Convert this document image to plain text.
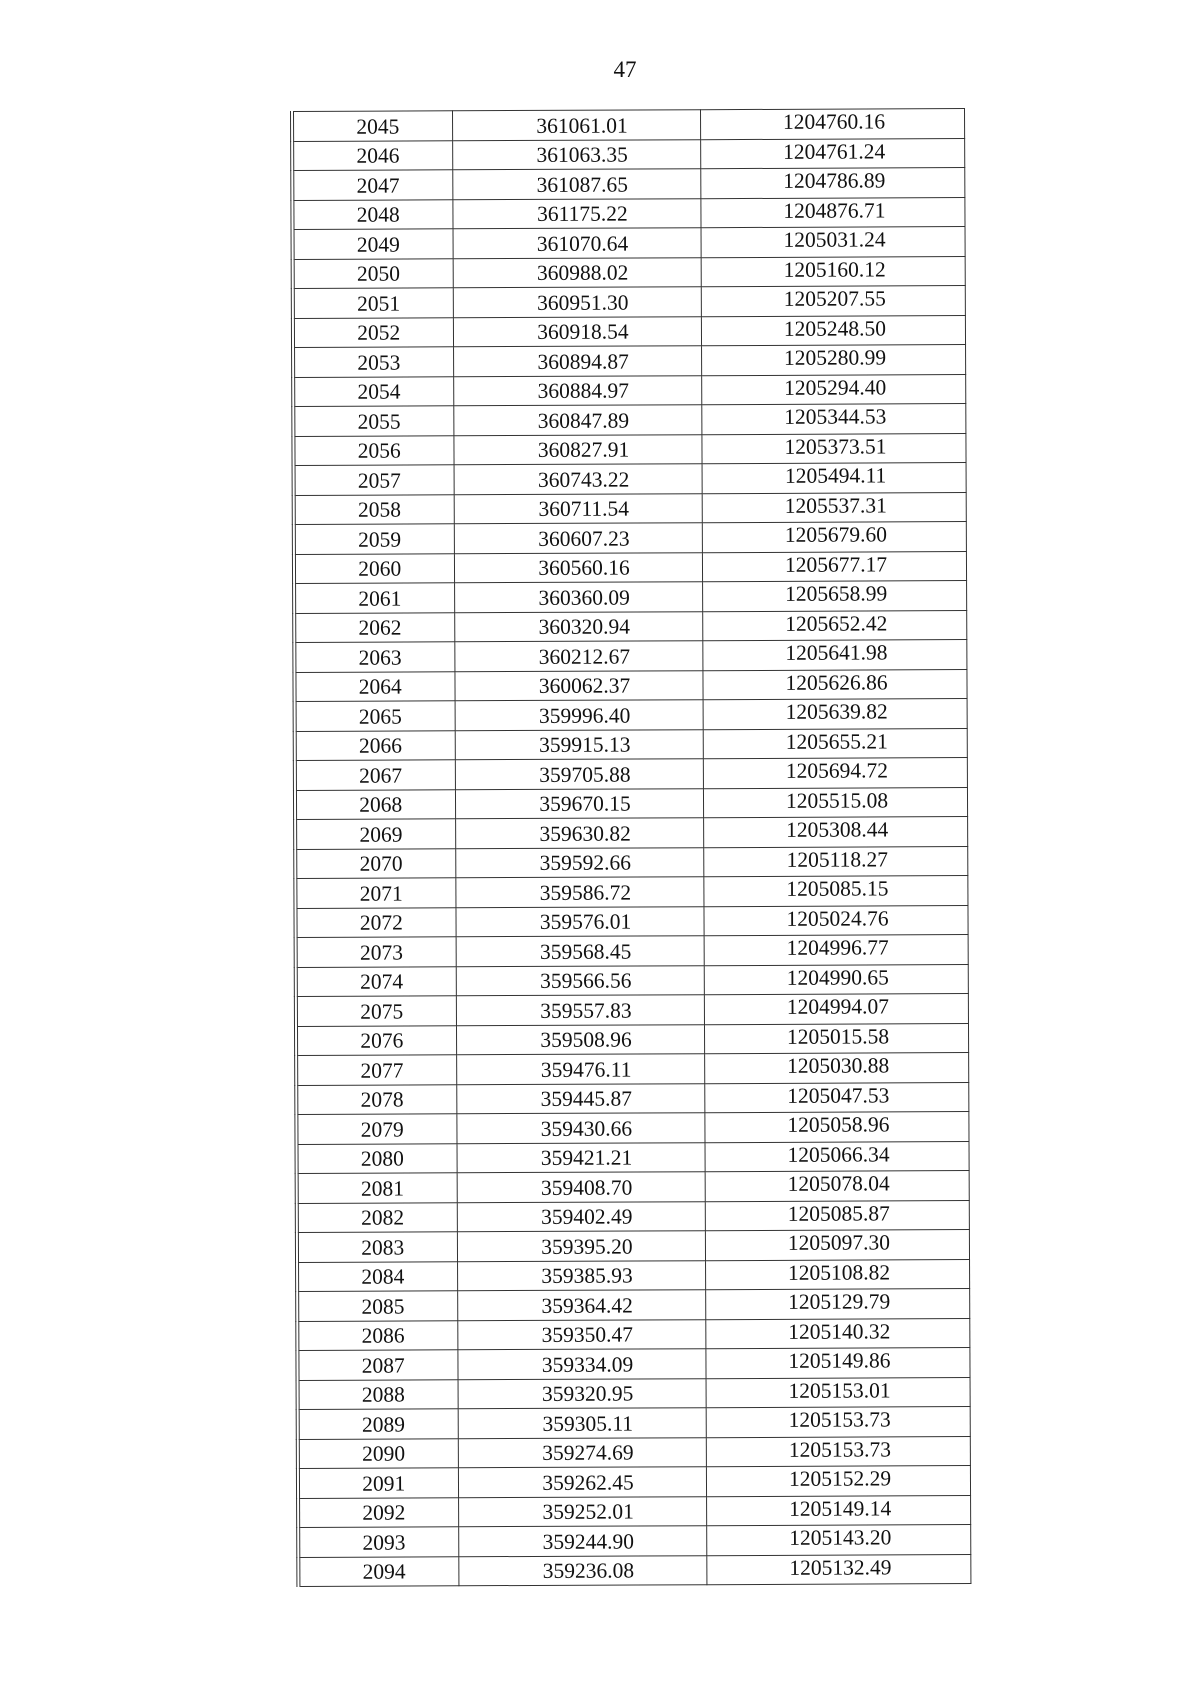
47
2045	361061.01	1204760.16
2046	361063.35	1204761.24
2047	361087.65	1204786.89
2048	361175.22	1204876.71
2049	361070.64	1205031.24
2050	360988.02	1205160.12
2051	360951.30	1205207.55
2052	360918.54	1205248.50
2053	360894.87	1205280.99
2054	360884.97	1205294.40
2055	360847.89	1205344.53
2056	360827.91	1205373.51
2057	360743.22	1205494.11
2058	360711.54	1205537.31
2059	360607.23	1205679.60
2060	360560.16	1205677.17
2061	360360.09	1205658.99
2062	360320.94	1205652.42
2063	360212.67	1205641.98
2064	360062.37	1205626.86
2065	359996.40	1205639.82
2066	359915.13	1205655.21
2067	359705.88	1205694.72
2068	359670.15	1205515.08
2069	359630.82	1205308.44
2070	359592.66	1205118.27
2071	359586.72	1205085.15
2072	359576.01	1205024.76
2073	359568.45	1204996.77
2074	359566.56	1204990.65
2075	359557.83	1204994.07
2076	359508.96	1205015.58
2077	359476.11	1205030.88
2078	359445.87	1205047.53
2079	359430.66	1205058.96
2080	359421.21	1205066.34
2081	359408.70	1205078.04
2082	359402.49	1205085.87
2083	359395.20	1205097.30
2084	359385.93	1205108.82
2085	359364.42	1205129.79
2086	359350.47	1205140.32
2087	359334.09	1205149.86
2088	359320.95	1205153.01
2089	359305.11	1205153.73
2090	359274.69	1205153.73
2091	359262.45	1205152.29
2092	359252.01	1205149.14
2093	359244.90	1205143.20
2094	359236.08	1205132.49
